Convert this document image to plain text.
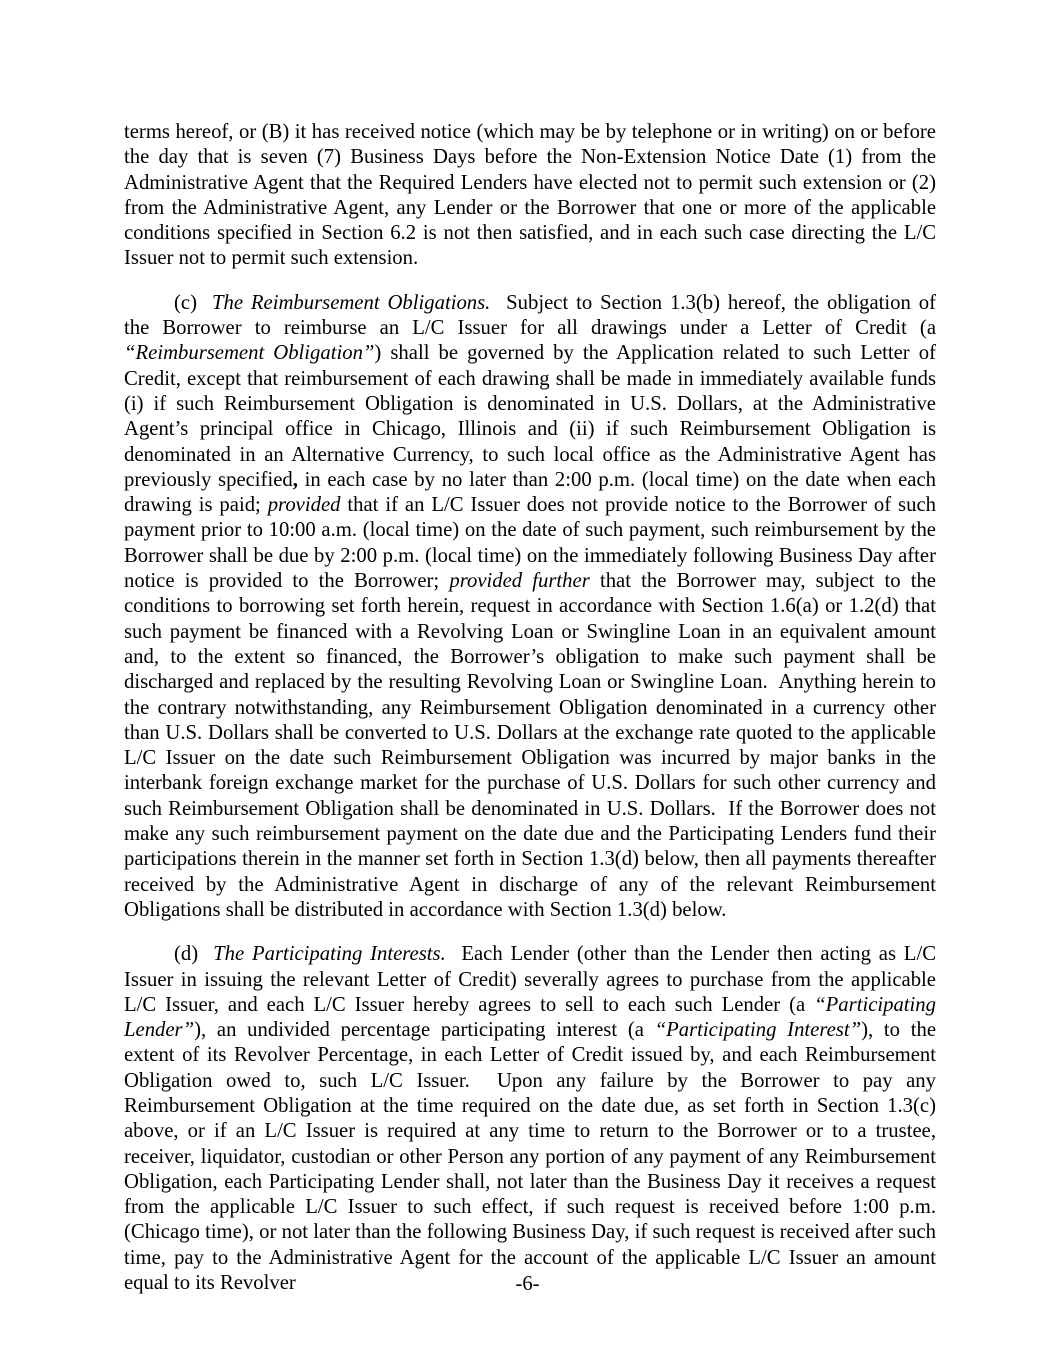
terms hereof, or (B) it has received notice (which may be by telephone or in writing) on or before the day that is seven (7) Business Days before the Non-Extension Notice Date (1) from the Administrative Agent that the Required Lenders have elected not to permit such extension or (2) from the Administrative Agent, any Lender or the Borrower that one or more of the applicable conditions specified in Section 6.2 is not then satisfied, and in each such case directing the L/C Issuer not to permit such extension.

(c) The Reimbursement Obligations.  Subject to Section 1.3(b) hereof, the obligation of the Borrower to reimburse an L/C Issuer for all drawings under a Letter of Credit (a “Reimbursement Obligation”) shall be governed by the Application related to such Letter of Credit, except that reimbursement of each drawing shall be made in immediately available funds (i) if such Reimbursement Obligation is denominated in U.S. Dollars, at the Administrative Agent’s principal office in Chicago, Illinois and (ii) if such Reimbursement Obligation is denominated in an Alternative Currency, to such local office as the Administrative Agent has previously specified, in each case by no later than 2:00 p.m. (local time) on the date when each drawing is paid; provided that if an L/C Issuer does not provide notice to the Borrower of such payment prior to 10:00 a.m. (local time) on the date of such payment, such reimbursement by the Borrower shall be due by 2:00 p.m. (local time) on the immediately following Business Day after notice is provided to the Borrower; provided further that the Borrower may, subject to the conditions to borrowing set forth herein, request in accordance with Section 1.6(a) or 1.2(d) that such payment be financed with a Revolving Loan or Swingline Loan in an equivalent amount and, to the extent so financed, the Borrower’s obligation to make such payment shall be discharged and replaced by the resulting Revolving Loan or Swingline Loan.  Anything herein to the contrary notwithstanding, any Reimbursement Obligation denominated in a currency other than U.S. Dollars shall be converted to U.S. Dollars at the exchange rate quoted to the applicable L/C Issuer on the date such Reimbursement Obligation was incurred by major banks in the interbank foreign exchange market for the purchase of U.S. Dollars for such other currency and such Reimbursement Obligation shall be denominated in U.S. Dollars.  If the Borrower does not make any such reimbursement payment on the date due and the Participating Lenders fund their participations therein in the manner set forth in Section 1.3(d) below, then all payments thereafter received by the Administrative Agent in discharge of any of the relevant Reimbursement Obligations shall be distributed in accordance with Section 1.3(d) below.

(d) The Participating Interests.  Each Lender (other than the Lender then acting as L/C Issuer in issuing the relevant Letter of Credit) severally agrees to purchase from the applicable L/C Issuer, and each L/C Issuer hereby agrees to sell to each such Lender (a “Participating Lender”), an undivided percentage participating interest (a “Participating Interest”), to the extent of its Revolver Percentage, in each Letter of Credit issued by, and each Reimbursement Obligation owed to, such L/C Issuer.  Upon any failure by the Borrower to pay any Reimbursement Obligation at the time required on the date due, as set forth in Section 1.3(c) above, or if an L/C Issuer is required at any time to return to the Borrower or to a trustee, receiver, liquidator, custodian or other Person any portion of any payment of any Reimbursement Obligation, each Participating Lender shall, not later than the Business Day it receives a request from the applicable L/C Issuer to such effect, if such request is received before 1:00 p.m. (Chicago time), or not later than the following Business Day, if such request is received after such time, pay to the Administrative Agent for the account of the applicable L/C Issuer an amount equal to its Revolver	-6-
